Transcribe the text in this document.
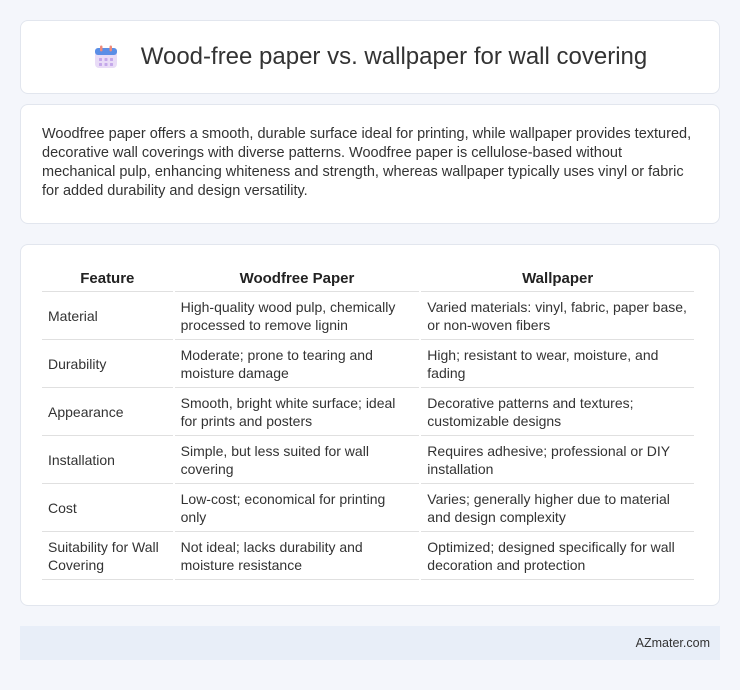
Wood-free paper vs. wallpaper for wall covering

Woodfree paper offers a smooth, durable surface ideal for printing, while wallpaper provides textured, decorative wall coverings with diverse patterns. Woodfree paper is cellulose-based without mechanical pulp, enhancing whiteness and strength, whereas wallpaper typically uses vinyl or fabric for added durability and design versatility.

Feature	Woodfree Paper	Wallpaper
Material	High-quality wood pulp, chemically processed to remove lignin	Varied materials: vinyl, fabric, paper base, or non-woven fibers
Durability	Moderate; prone to tearing and moisture damage	High; resistant to wear, moisture, and fading
Appearance	Smooth, bright white surface; ideal for prints and posters	Decorative patterns and textures; customizable designs
Installation	Simple, but less suited for wall covering	Requires adhesive; professional or DIY installation
Cost	Low-cost; economical for printing only	Varies; generally higher due to material and design complexity
Suitability for Wall Covering	Not ideal; lacks durability and moisture resistance	Optimized; designed specifically for wall decoration and protection
AZmater.com
